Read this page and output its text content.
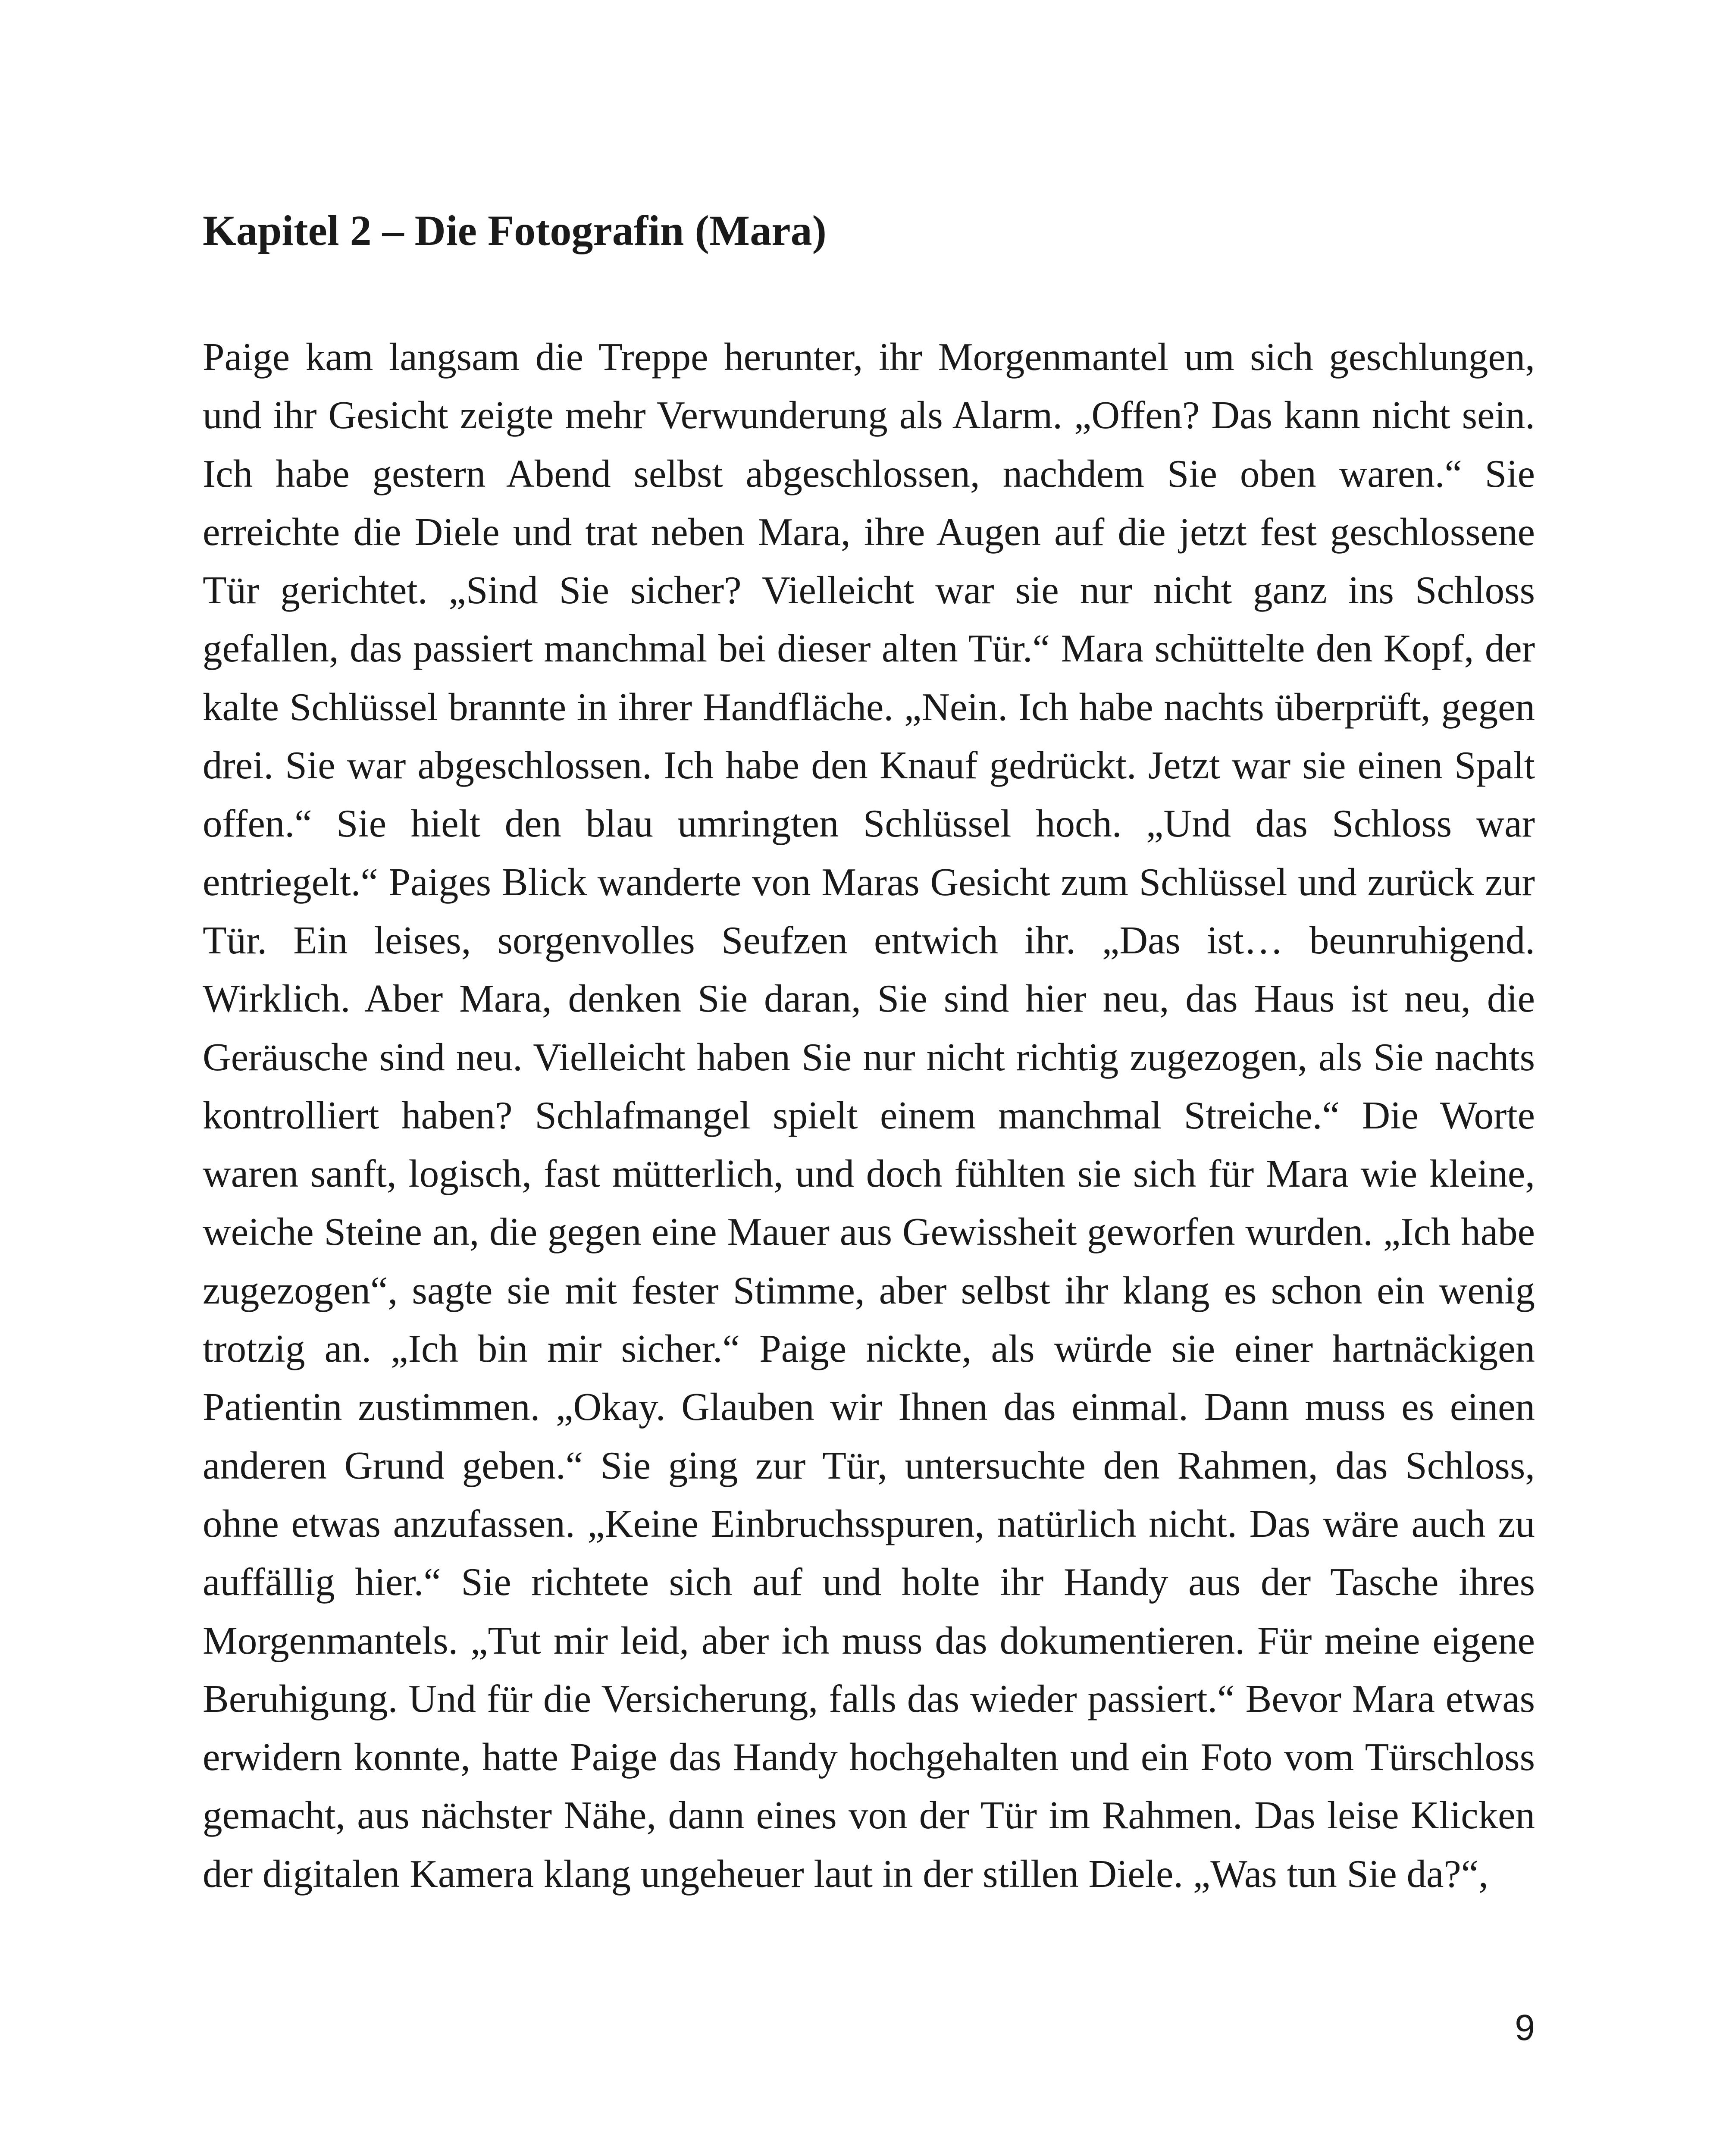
Kapitel 2 – Die Fotografin (Mara)

Paige kam langsam die Treppe herunter, ihr Morgenmantel um sich geschlungen, und ihr Gesicht zeigte mehr Verwunderung als Alarm. „Offen? Das kann nicht sein. Ich habe gestern Abend selbst abgeschlossen, nachdem Sie oben waren.“ Sie erreichte die Diele und trat neben Mara, ihre Augen auf die jetzt fest geschlossene Tür gerichtet. „Sind Sie sicher? Vielleicht war sie nur nicht ganz ins Schloss gefallen, das passiert manchmal bei dieser alten Tür.“ Mara schüttelte den Kopf, der kalte Schlüssel brannte in ihrer Handfläche. „Nein. Ich habe nachts überprüft, gegen drei. Sie war abgeschlossen. Ich habe den Knauf gedrückt. Jetzt war sie einen Spalt offen.“ Sie hielt den blau umringten Schlüssel hoch. „Und das Schloss war entriegelt.“ Paiges Blick wanderte von Maras Gesicht zum Schlüssel und zurück zur Tür. Ein leises, sorgenvolles Seufzen entwich ihr. „Das ist… beunruhigend. Wirklich. Aber Mara, denken Sie daran, Sie sind hier neu, das Haus ist neu, die Geräusche sind neu. Vielleicht haben Sie nur nicht richtig zugezogen, als Sie nachts kontrolliert haben? Schlafmangel spielt einem manchmal Streiche.“ Die Worte waren sanft, logisch, fast mütterlich, und doch fühlten sie sich für Mara wie kleine, weiche Steine an, die gegen eine Mauer aus Gewissheit geworfen wurden. „Ich habe zugezogen“, sagte sie mit fester Stimme, aber selbst ihr klang es schon ein wenig trotzig an. „Ich bin mir sicher.“ Paige nickte, als würde sie einer hartnäckigen Patientin zustimmen. „Okay. Glauben wir Ihnen das einmal. Dann muss es einen anderen Grund geben.“ Sie ging zur Tür, untersuchte den Rahmen, das Schloss, ohne etwas anzufassen. „Keine Einbruchsspuren, natürlich nicht. Das wäre auch zu auffällig hier.“ Sie richtete sich auf und holte ihr Handy aus der Tasche ihres Morgenmantels. „Tut mir leid, aber ich muss das dokumentieren. Für meine eigene Beruhigung. Und für die Versicherung, falls das wieder passiert.“ Bevor Mara etwas erwidern konnte, hatte Paige das Handy hochgehalten und ein Foto vom Türschloss gemacht, aus nächster Nähe, dann eines von der Tür im Rahmen. Das leise Klicken der digitalen Kamera klang ungeheuer laut in der stillen Diele. „Was tun Sie da?“,

9
